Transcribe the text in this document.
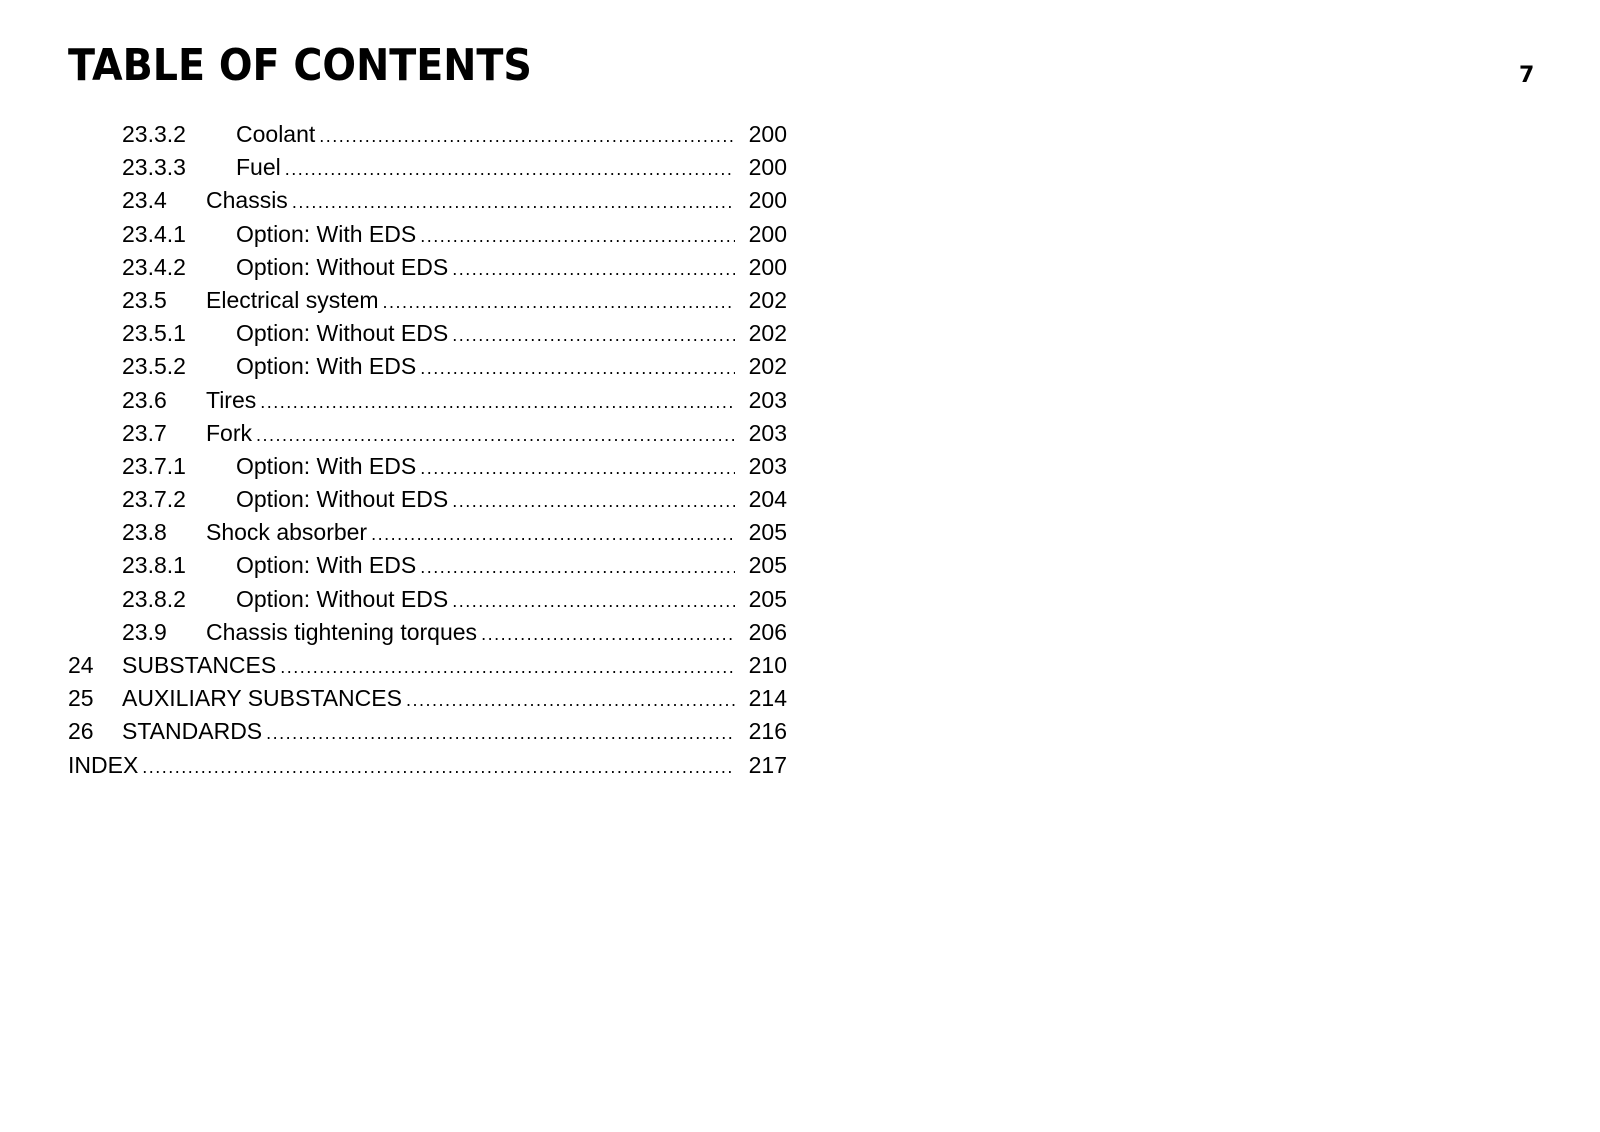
TABLE OF CONTENTS	7
23.3.2	Coolant .....	200
23.3.3	Fuel .....	200
23.4	Chassis .....	200
23.4.1	Option: With EDS .....	200
23.4.2	Option: Without EDS .....	200
23.5	Electrical system .....	202
23.5.1	Option: Without EDS .....	202
23.5.2	Option: With EDS .....	202
23.6	Tires .....	203
23.7	Fork .....	203
23.7.1	Option: With EDS .....	203
23.7.2	Option: Without EDS .....	204
23.8	Shock absorber .....	205
23.8.1	Option: With EDS .....	205
23.8.2	Option: Without EDS .....	205
23.9	Chassis tightening torques .....	206
24	SUBSTANCES .....	210
25	AUXILIARY SUBSTANCES .....	214
26	STANDARDS .....	216
INDEX .....	217
